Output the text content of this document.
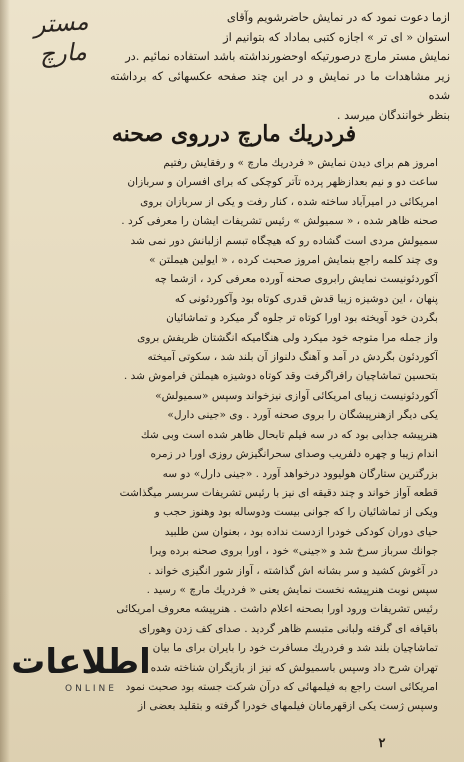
مستر مارچ

ازما دعوت نمود که در نمایش حاضرشویم وآقای

استوان « ای تر » اجازه کتبی بماداد که بتوانیم از

نمایش مستر مارچ درصورتیکه اوحضورنداشته باشد استفاده نمائیم .در

زیر مشاهدات ما در نمایش و در این چند صفحه عکسهائی که برداشته شده

بنظر خوانندگان میرسد .

فردریك مارچ درروی صحنه

امروز هم برای دیدن نمایش « فردریك مارچ » و رفقایش رفتیم

ساعت دو و نیم بعدازظهر پرده تآتر کوچکی که برای افسران و سربازان

امریکائی در امیرآباد ساخته شده ، کنار رفت و یکی از سربازان بروی

صحنه ظاهر شده ، « سمیولش » رئیس تشریفات ایشان را معرفی کرد .

سمیولش مردی است گشاده رو که هیچگاه تبسم ازلبانش دور نمی شد

وی چند کلمه راجع بنمایش امروز صحبت کرده ، « ایولین هیملتن »

آکوردئونیست نمایش رابروی صحنه آورده معرفی کرد ، ازشما چه

پنهان ، این دوشیزه زیبا قدش قدری کوتاه بود وآکوردئونی که

بگردن خود آویخته بود اورا کوتاه تر جلوه گر میکرد و تماشائیان

واز جمله مرا متوجه خود میکرد ولی هنگامیکه انگشتان ظریفش بروی

آکوردئون بگردش در آمد و آهنگ دلنواز آن بلند شد ، سکوتی آمیخته

بتحسین تماشاچیان رافراگرفت وقد کوتاه دوشیزه هیملتن فراموش شد .

آکوردئونیست زیبای امریکائی آوازی نیزخواند وسپس «سمیولش»

یکی دیگر ازهنرپیشگان را بروی صحنه آورد . وی «جینی دارل»

هنرپیشه جذابی بود که در سه فیلم تابحال ظاهر شده است وبی شك

اندام زیبا و چهره دلفریب وصدای سحرانگیزش روزی اورا در زمره

بزرگترین ستارگان هولیوود درخواهد آورد . «جینی دارل» دو سه

قطعه آواز خواند و چند دقیقه ای نیز با رئیس تشریفات سربسر میگذاشت

ویکی از تماشائیان را که جوانی بیست ودوساله بود وهنوز حجب و

حیای دوران کودکی خودرا ازدست نداده بود ، بعنوان سن طلبید

جوانك سرباز سرخ شد و «جینی» خود ، اورا بروی صحنه برده ویرا

در آغوش کشید و سر بشانه اش گذاشته ، آواز شور انگیزی خواند .

سپس نوبت هنرپیشه نخست نمایش یعنی « فردریك مارچ » رسید .

رئیس تشریفات ورود اورا بصحنه اعلام داشت . هنرپیشه معروف امریکائی

باقیافه ای گرفته ولبانی متبسم ظاهر گردید . صدای کف زدن وهورای

تماشاچیان بلند شد و فردریك مسافرت خود را بایران برای ما بیان

تهران شرح داد وسپس باسمیولش که نیز از بازیگران شناخته شده

امریکائی است راجع به فیلمهائی که درآن شرکت جسته بود صحبت نمود

وسپس ژست یکی ازقهرمانان فیلمهای خودرا گرفته و بتقلید بعضی از

اطلاعات
ONLINE
۲
